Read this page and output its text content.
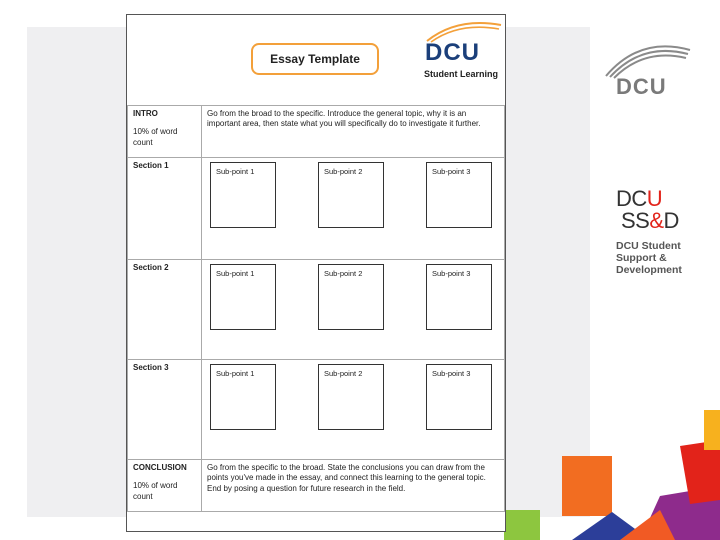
DCU
DCU
SS&D
DCU Student
Support &
Development
Essay Template	DCU
Student Learning
INTRO
10% of word count	Go from the broad to the specific. Introduce the general topic, why it is an important area, then state what you will specifically do to investigate it further.

Section 1	Sub-point 1 Sub-point 2 Sub-point 3

Section 2	Sub-point 1 Sub-point 2 Sub-point 3

Section 3	Sub-point 1 Sub-point 2 Sub-point 3

CONCLUSION
10% of word count	Go from the specific to the broad. State the conclusions you can draw from the points you've made in the essay, and connect this learning to the general topic. End by posing a question for future research in the field.
